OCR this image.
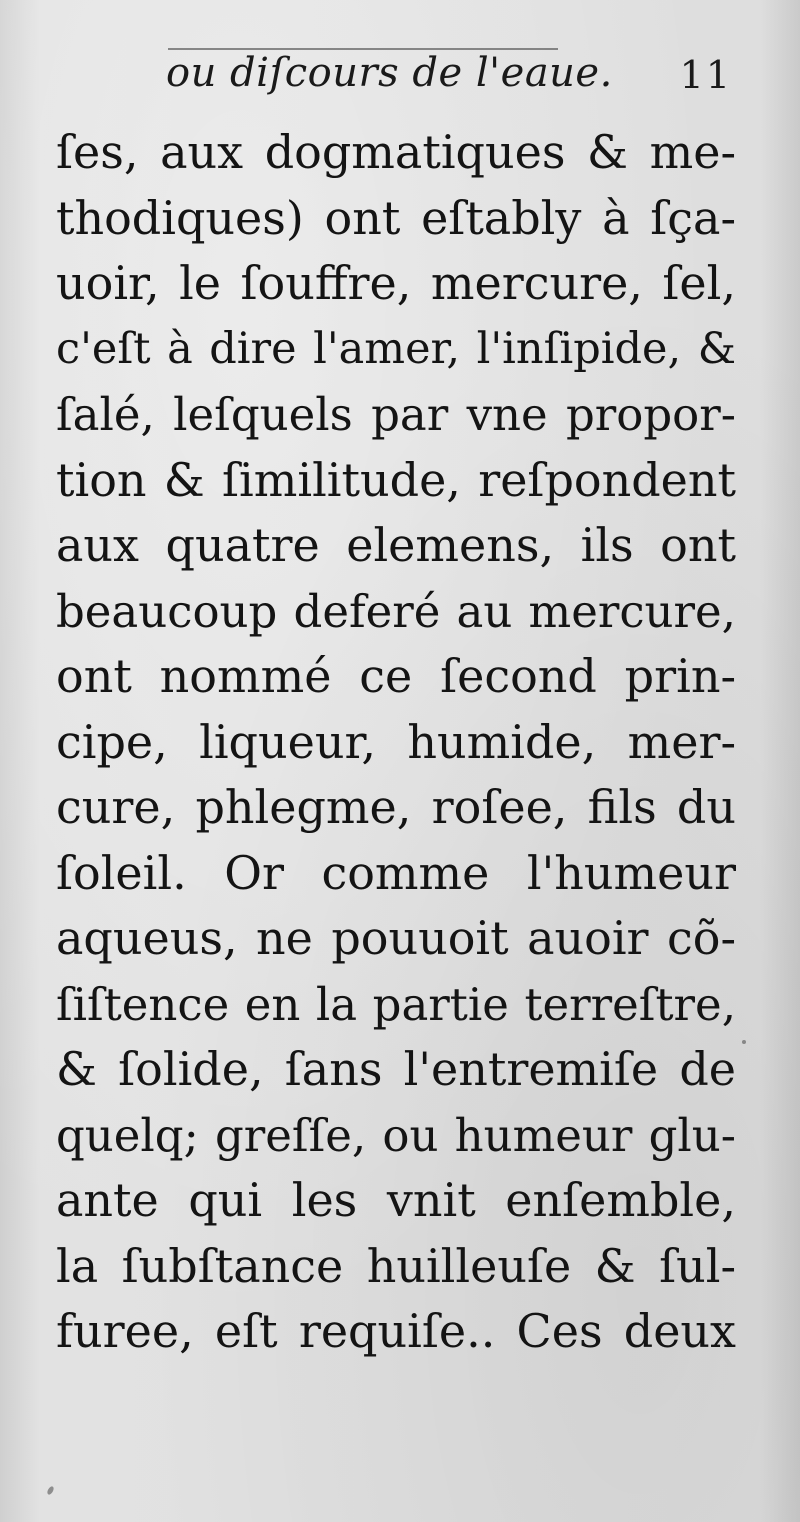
ou diſcours de l'eaue. 11
ſes, aux dogmatiques & me-
thodiques) ont eſtably à ſça-
uoir, le ſouffre, mercure, ſel,
c'eſt à dire l'amer, l'inſipide, &
ſalé, leſquels par vne propor-
tion & ſimilitude, reſpondent
aux quatre elemens, ils ont
beaucoup deferé au mercure,
ont nommé ce ſecond prin-
cipe, liqueur, humide, mer-
cure, phlegme, roſee, fils du
ſoleil. Or comme l'humeur
aqueus, ne pouuoit auoir cõ-
ſiſtence en la partie terreſtre,
& ſolide, ſans l'entremiſe de
quelq; greſſe, ou humeur glu-
ante qui les vnit enſemble,
la ſubſtance huilleuſe & ſul-
furee, eſt requiſe.. Ces deux
